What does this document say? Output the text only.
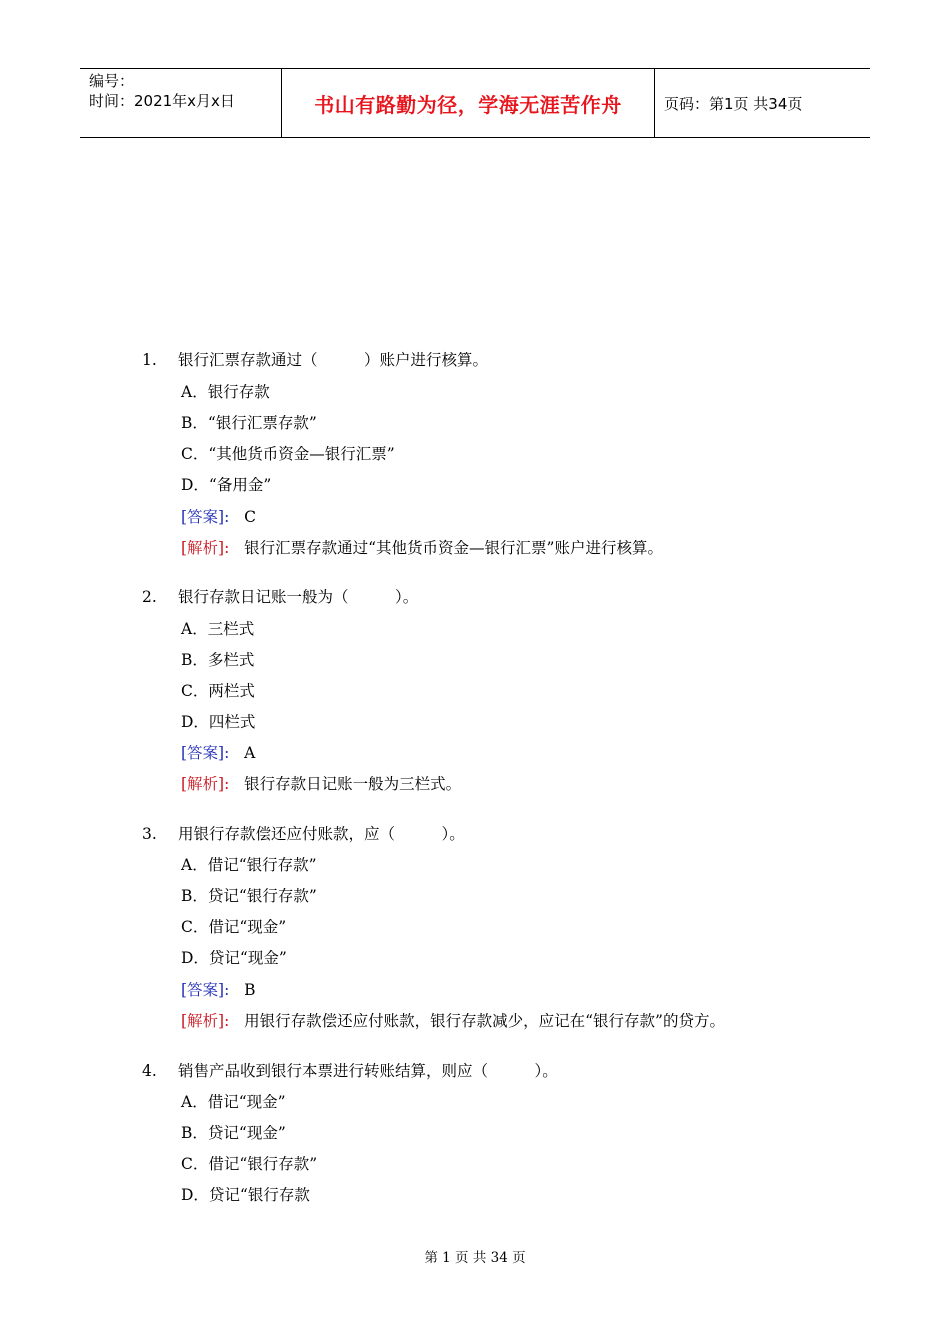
编号：
时间：2021年x月x日	书山有路勤为径，学海无涯苦作舟	页码：第1页 共34页
1. 银行汇票存款通过（　　　）账户进行核算。
A．银行存款
B．“银行汇票存款”
C．“其他货币资金—银行汇票”
D．“备用金”
[答案]: C
[解析]: 银行汇票存款通过“其他货币资金—银行汇票”账户进行核算。
2. 银行存款日记账一般为（　　　）。
A．三栏式
B．多栏式
C．两栏式
D．四栏式
[答案]: A
[解析]: 银行存款日记账一般为三栏式。
3. 用银行存款偿还应付账款，应（　　　）。
A．借记“银行存款”
B．贷记“银行存款”
C．借记“现金”
D．贷记“现金”
[答案]: B
[解析]: 用银行存款偿还应付账款，银行存款减少，应记在“银行存款”的贷方。
4. 销售产品收到银行本票进行转账结算，则应（　　　）。
A．借记“现金”
B．贷记“现金”
C．借记“银行存款”
D．贷记“银行存款
第 1 页 共 34 页
